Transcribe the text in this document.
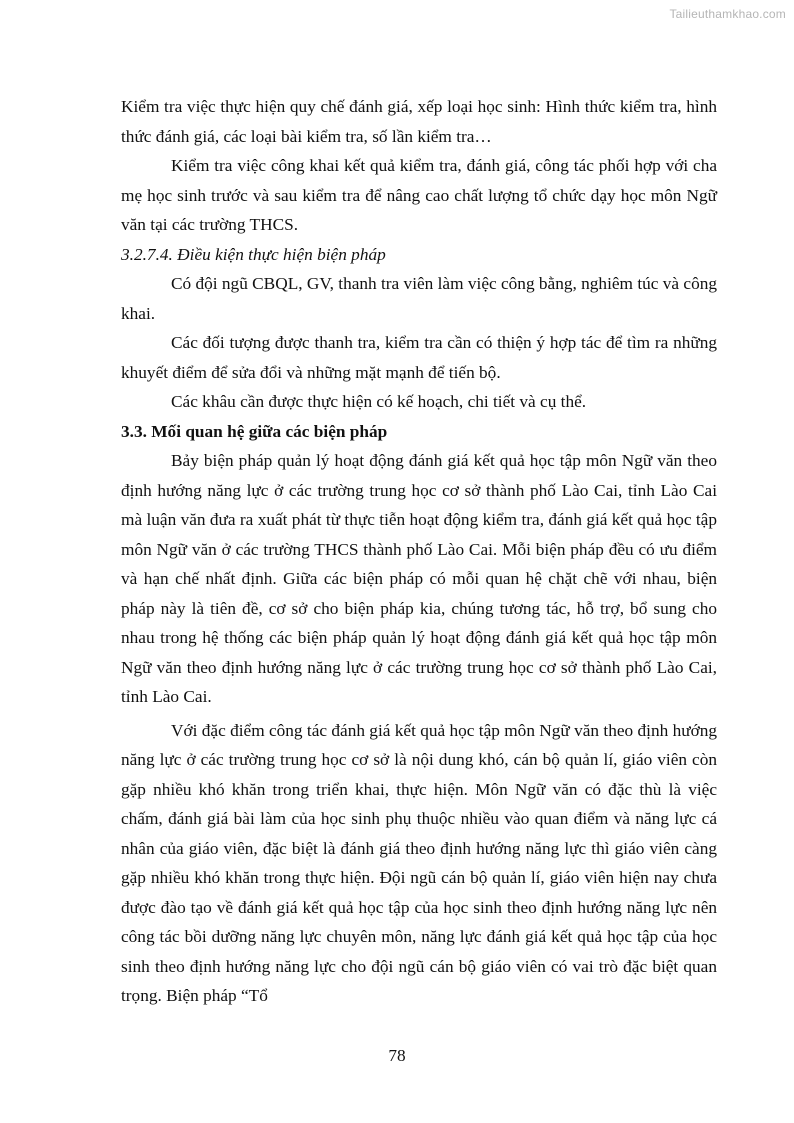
Tailieuthamkhao.com

Kiểm tra việc thực hiện quy chế đánh giá, xếp loại học sinh: Hình thức kiểm tra, hình thức đánh giá, các loại bài kiểm tra, số lần kiểm tra…

Kiểm tra việc công khai kết quả kiểm tra, đánh giá, công tác phối hợp với cha mẹ học sinh trước và sau kiểm tra để nâng cao chất lượng tổ chức dạy học môn Ngữ văn tại các trường THCS.

3.2.7.4. Điều kiện thực hiện biện pháp

Có đội ngũ CBQL, GV, thanh tra viên làm việc công bằng, nghiêm túc và công khai.

Các đối tượng được thanh tra, kiểm tra cần có thiện ý hợp tác để tìm ra những khuyết điểm để sửa đổi và những mặt mạnh để tiến bộ.

Các khâu cần được thực hiện có kế hoạch, chi tiết và cụ thể.

3.3. Mối quan hệ giữa các biện pháp

Bảy biện pháp quản lý hoạt động đánh giá kết quả học tập môn Ngữ văn theo định hướng năng lực ở các trường trung học cơ sở thành phố Lào Cai, tỉnh Lào Cai mà luận văn đưa ra xuất phát từ thực tiễn hoạt động kiểm tra, đánh giá kết quả học tập môn Ngữ văn ở các trường THCS thành phố Lào Cai. Mỗi biện pháp đều có ưu điểm và hạn chế nhất định. Giữa các biện pháp có mỗi quan hệ chặt chẽ với nhau, biện pháp này là tiên đề, cơ sở cho biện pháp kia, chúng tương tác, hỗ trợ, bổ sung cho nhau trong hệ thống các biện pháp quản lý hoạt động đánh giá kết quả học tập môn Ngữ văn theo định hướng năng lực ở các trường trung học cơ sở thành phố Lào Cai, tỉnh Lào Cai.

Với đặc điểm công tác đánh giá kết quả học tập môn Ngữ văn theo định hướng năng lực ở các trường trung học cơ sở là nội dung khó, cán bộ quản lí, giáo viên còn gặp nhiều khó khăn trong triển khai, thực hiện. Môn Ngữ văn có đặc thù là việc chấm, đánh giá bài làm của học sinh phụ thuộc nhiều vào quan điểm và năng lực cá nhân của giáo viên, đặc biệt là đánh giá theo định hướng năng lực thì giáo viên càng gặp nhiều khó khăn trong thực hiện. Đội ngũ cán bộ quản lí, giáo viên hiện nay chưa được đào tạo về đánh giá kết quả học tập của học sinh theo định hướng năng lực nên công tác bồi dưỡng năng lực chuyên môn, năng lực đánh giá kết quả học tập của học sinh theo định hướng năng lực cho đội ngũ cán bộ giáo viên có vai trò đặc biệt quan trọng. Biện pháp “Tổ

78
